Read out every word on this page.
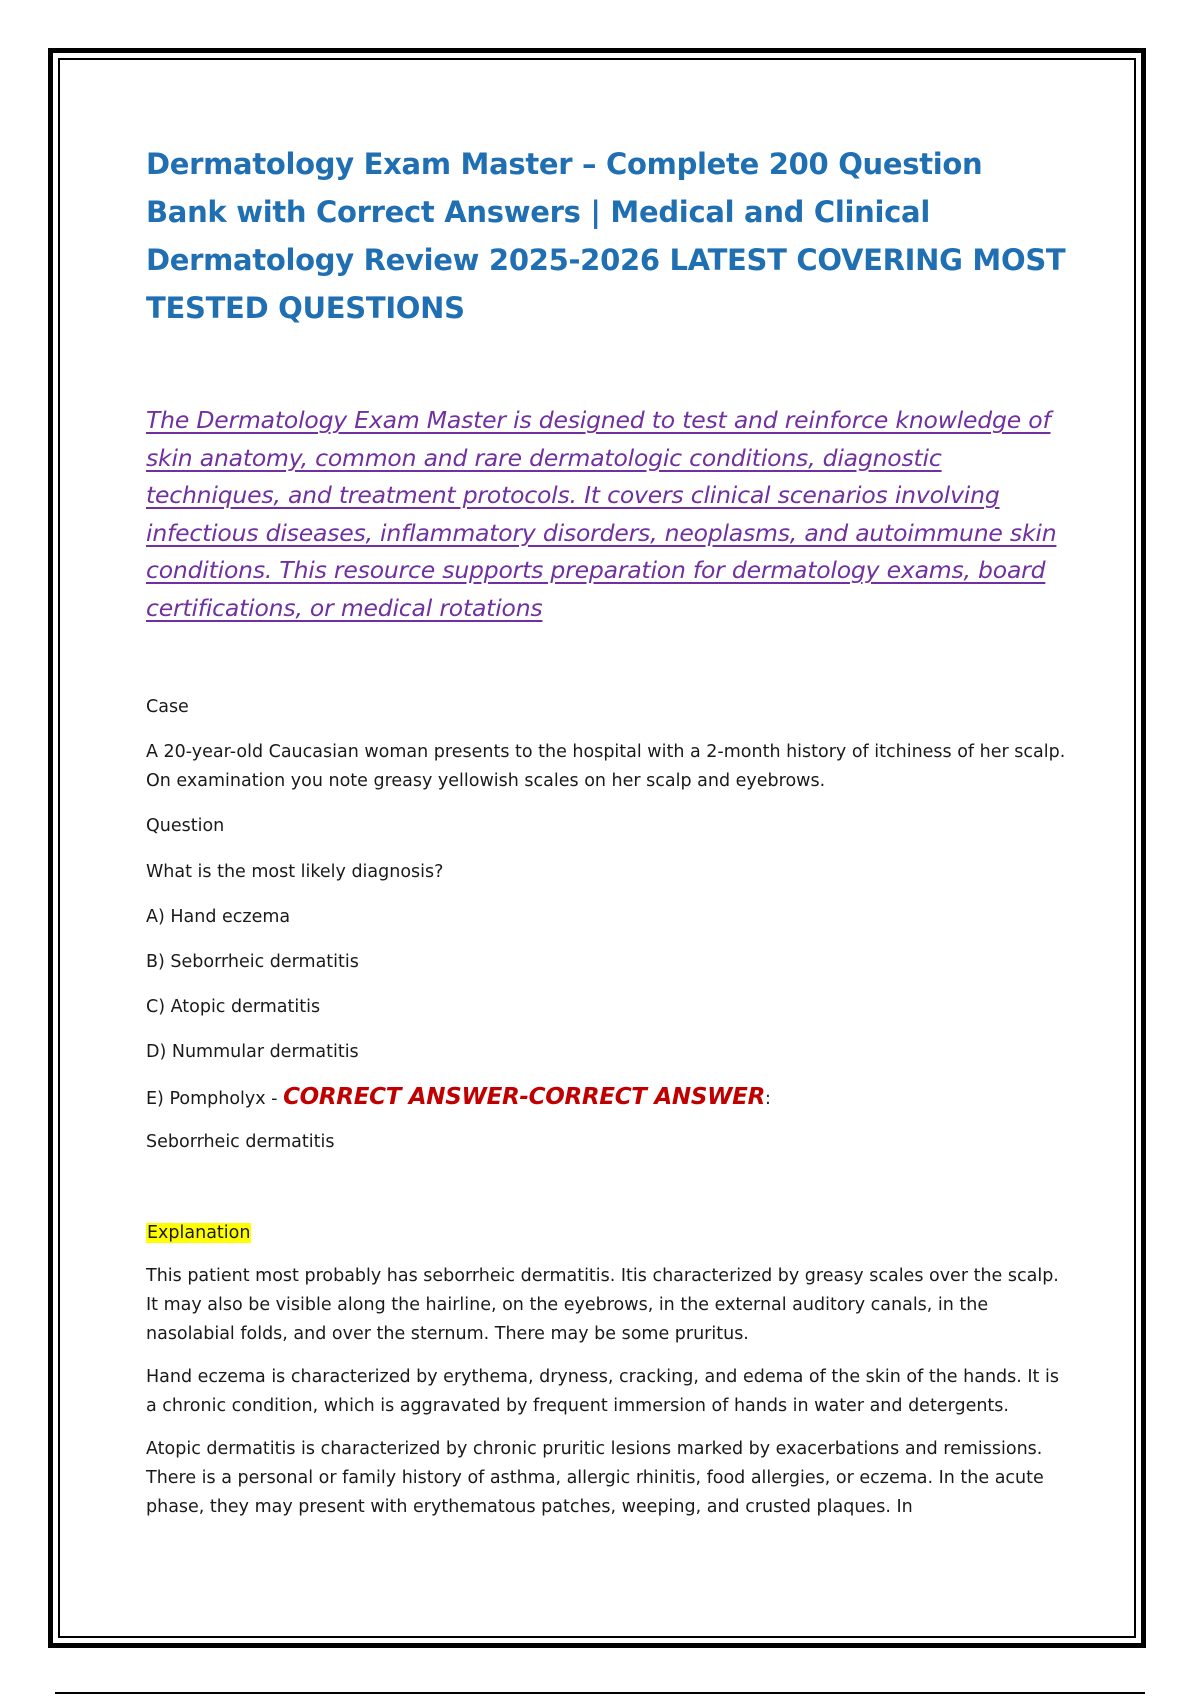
Dermatology Exam Master – Complete 200 Question Bank with Correct Answers | Medical and Clinical Dermatology Review 2025-2026 LATEST COVERING MOST TESTED QUESTIONS

The Dermatology Exam Master is designed to test and reinforce knowledge of skin anatomy, common and rare dermatologic conditions, diagnostic techniques, and treatment protocols. It covers clinical scenarios involving infectious diseases, inflammatory disorders, neoplasms, and autoimmune skin conditions. This resource supports preparation for dermatology exams, board certifications, or medical rotations

Case

A 20-year-old Caucasian woman presents to the hospital with a 2-month history of itchiness of her scalp. On examination you note greasy yellowish scales on her scalp and eyebrows.

Question

What is the most likely diagnosis?

A) Hand eczema

B) Seborrheic dermatitis

C) Atopic dermatitis

D) Nummular dermatitis

E) Pompholyx - CORRECT ANSWER-CORRECT ANSWER:

Seborrheic dermatitis

Explanation

This patient most probably has seborrheic dermatitis. Itis characterized by greasy scales over the scalp. It may also be visible along the hairline, on the eyebrows, in the external auditory canals, in the nasolabial folds, and over the sternum. There may be some pruritus.

Hand eczema is characterized by erythema, dryness, cracking, and edema of the skin of the hands. It is a chronic condition, which is aggravated by frequent immersion of hands in water and detergents.

Atopic dermatitis is characterized by chronic pruritic lesions marked by exacerbations and remissions. There is a personal or family history of asthma, allergic rhinitis, food allergies, or eczema. In the acute phase, they may present with erythematous patches, weeping, and crusted plaques. In
